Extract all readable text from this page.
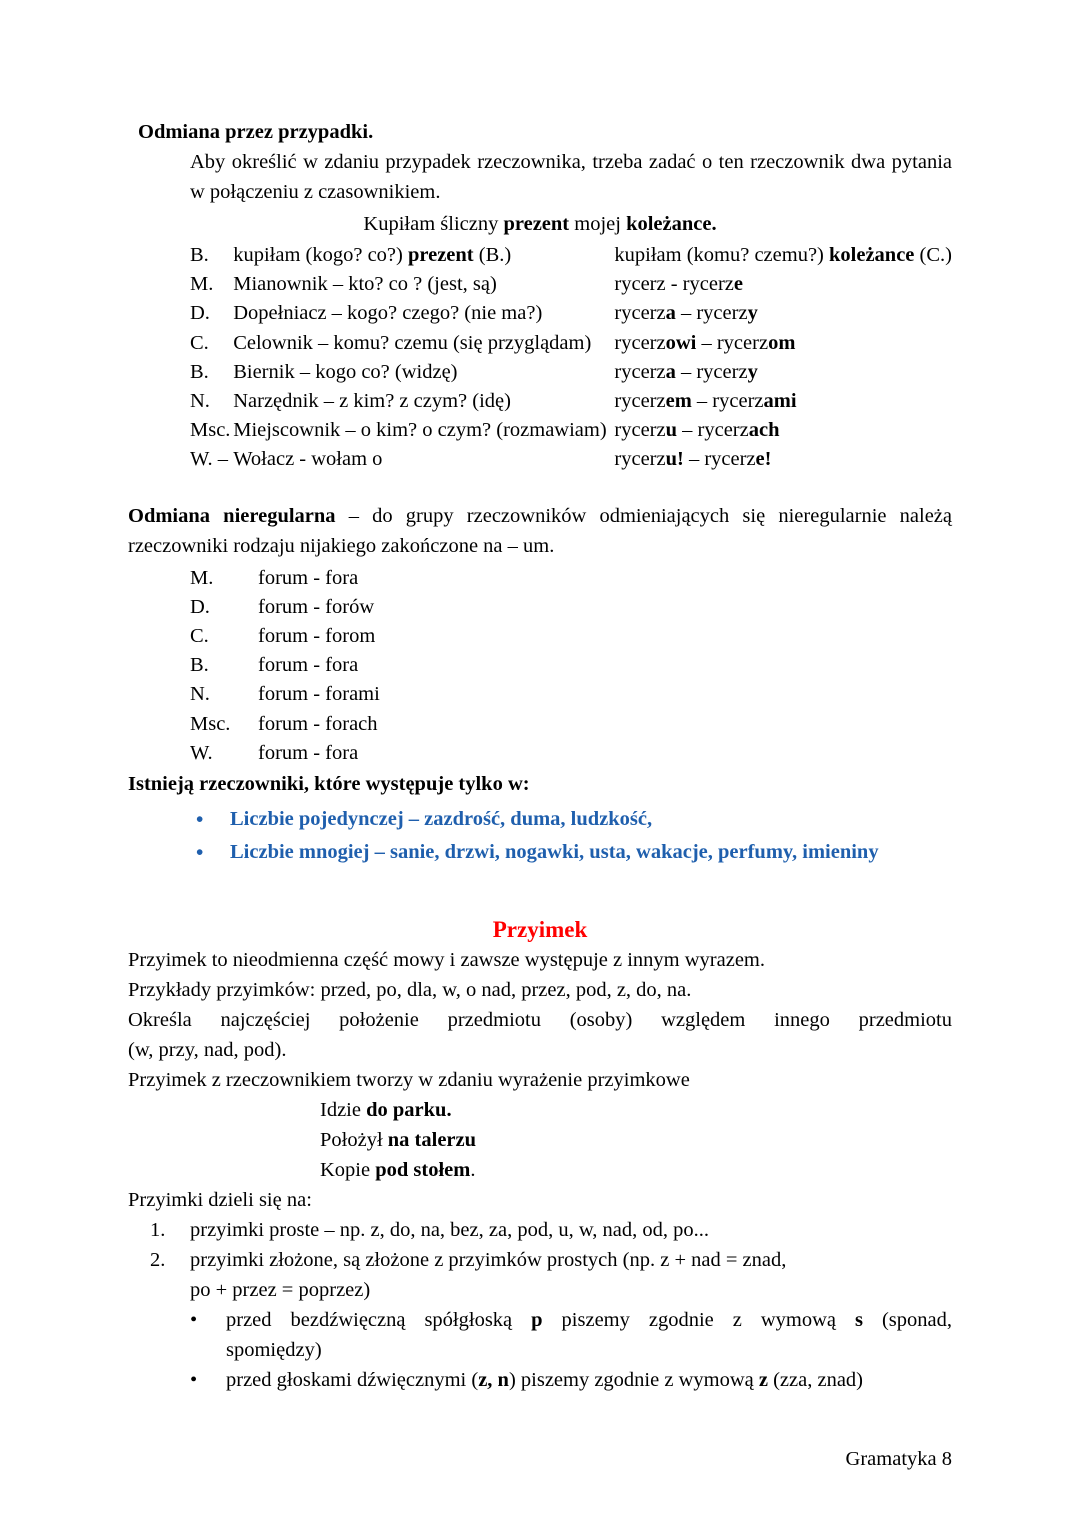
Odmiana przez przypadki.
Aby określić w zdaniu przypadek rzeczownika, trzeba zadać o ten rzeczownik dwa pytania w połączeniu z czasownikiem.
Kupiłam śliczny prezent mojej koleżance.
B.	kupiłam (kogo? co?) prezent (B.)	kupiłam (komu? czemu?) koleżance (C.)
M.	Mianownik – kto? co ? (jest, są)	rycerz - rycerze
D.	Dopełniacz – kogo? czego? (nie ma?)	rycerza – rycerzy
C.	Celownik – komu? czemu (się przyglądam)	rycerzowi – rycerzom
B.	Biernik – kogo co? (widzę)	rycerza – rycerzy
N.	Narzędnik – z kim? z czym? (idę)	rycerzem – rycerzami
Msc.	Miejscownik – o kim? o czym? (rozmawiam)	rycerzu – rycerzach
W. –	Wołacz - wołam o	rycerzu! – rycerze!
Odmiana nieregularna – do grupy rzeczowników odmieniających się nieregularnie należą rzeczowniki rodzaju nijakiego zakończone na – um.
M.	forum - fora
D.	forum - forów
C.	forum - forom
B.	forum - fora
N.	forum - forami
Msc.	forum - forach
W.	forum - fora
Istnieją rzeczowniki, które występuje tylko w:
• Liczbie pojedynczej – zazdrość, duma, ludzkość,
• Liczbie mnogiej – sanie, drzwi, nogawki, usta, wakacje, perfumy, imieniny
Przyimek
Przyimek to nieodmienna część mowy i zawsze występuje z innym wyrazem.
Przykłady przyimków: przed, po, dla, w, o nad, przez, pod, z, do, na.
Określa najczęściej położenie przedmiotu (osoby) względem innego przedmiotu
(w, przy, nad, pod).
Przyimek z rzeczownikiem tworzy w zdaniu wyrażenie przyimkowe
Idzie do parku.
Położył na talerzu
Kopie pod stołem.
Przyimki dzieli się na:
1. przyimki proste – np. z, do, na, bez, za, pod, u, w, nad, od, po...
2. przyimki złożone, są złożone z przyimków prostych (np. z + nad = znad,
po + przez = poprzez)
• przed bezdźwięczną spółgłoską p piszemy zgodnie z wymową s (sponad,
spomiędzy)
• przed głoskami dźwięcznymi (z, n) piszemy zgodnie z wymową z (zza, znad)
Gramatyka 8
